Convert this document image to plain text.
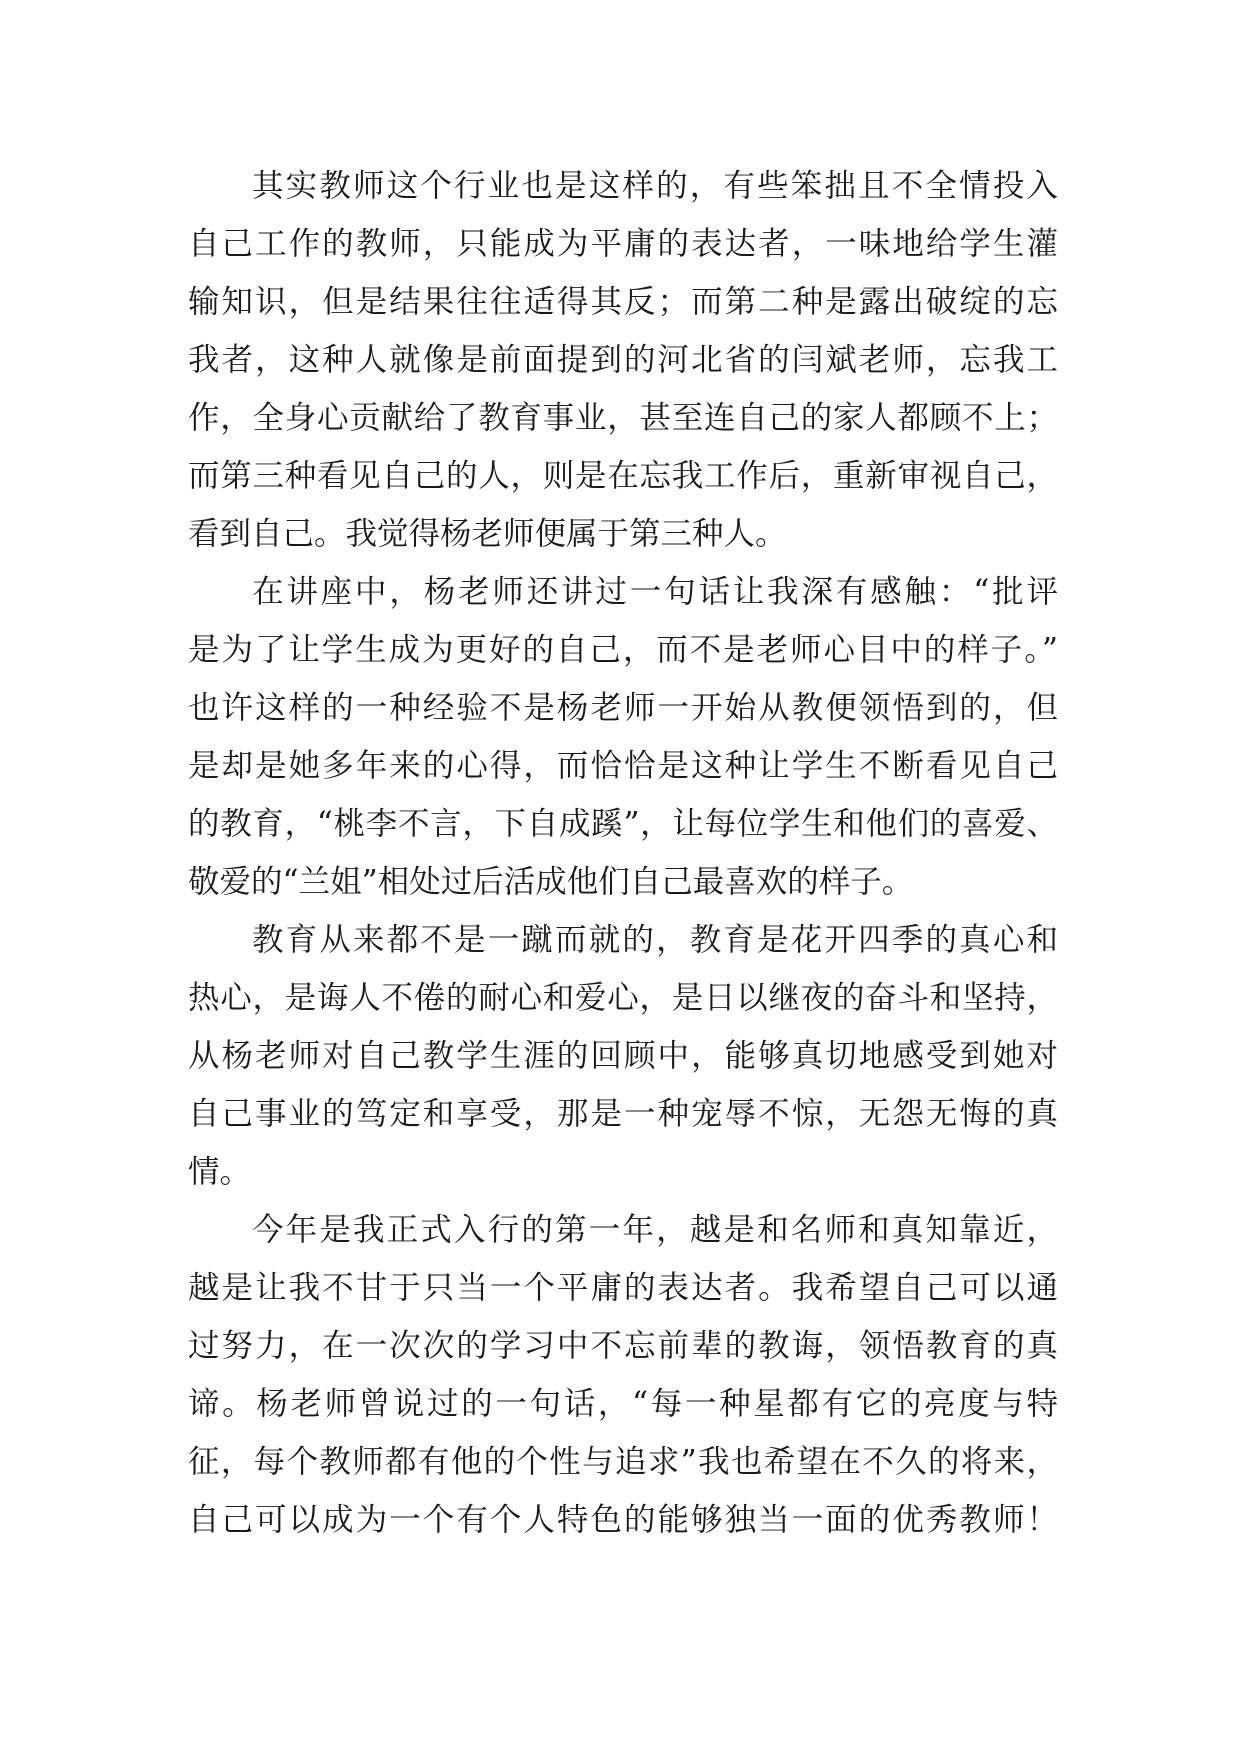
其实教师这个行业也是这样的，有些笨拙且不全情投入
自己工作的教师，只能成为平庸的表达者，一味地给学生灌
输知识，但是结果往往适得其反；而第二种是露出破绽的忘
我者，这种人就像是前面提到的河北省的闫斌老师，忘我工
作，全身心贡献给了教育事业，甚至连自己的家人都顾不上；
而第三种看见自己的人，则是在忘我工作后，重新审视自己，
看到自己。我觉得杨老师便属于第三种人。
在讲座中，杨老师还讲过一句话让我深有感触：“批评
是为了让学生成为更好的自己，而不是老师心目中的样子。”
也许这样的一种经验不是杨老师一开始从教便领悟到的，但
是却是她多年来的心得，而恰恰是这种让学生不断看见自己
的教育，“桃李不言，下自成蹊”，让每位学生和他们的喜爱、
敬爱的“兰姐”相处过后活成他们自己最喜欢的样子。
教育从来都不是一蹴而就的，教育是花开四季的真心和
热心，是诲人不倦的耐心和爱心，是日以继夜的奋斗和坚持，
从杨老师对自己教学生涯的回顾中，能够真切地感受到她对
自己事业的笃定和享受，那是一种宠辱不惊，无怨无悔的真
情。
今年是我正式入行的第一年，越是和名师和真知靠近，
越是让我不甘于只当一个平庸的表达者。我希望自己可以通
过努力，在一次次的学习中不忘前辈的教诲，领悟教育的真
谛。杨老师曾说过的一句话，“每一种星都有它的亮度与特
征，每个教师都有他的个性与追求”我也希望在不久的将来，
自己可以成为一个有个人特色的能够独当一面的优秀教师！
